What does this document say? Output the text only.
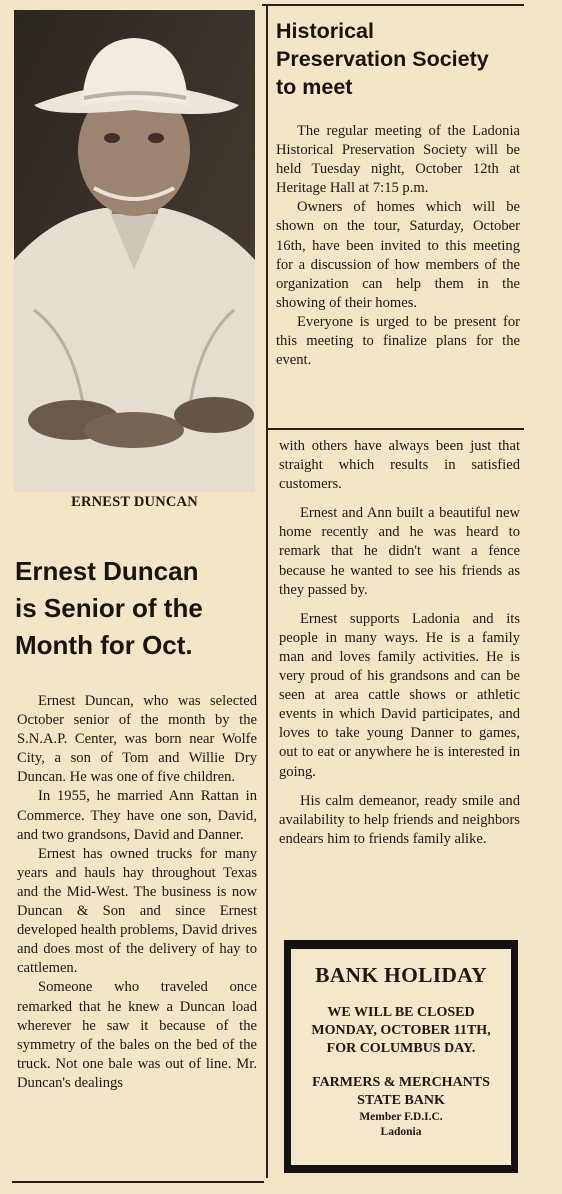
ERNEST DUNCAN
Ernest Duncan
is Senior of the
Month for Oct.

Ernest Duncan, who was selected October senior of the month by the S.N.A.P. Center, was born near Wolfe City, a son of Tom and Willie Dry Duncan. He was one of five children.

In 1955, he married Ann Rattan in Commerce. They have one son, David, and two grandsons, David and Danner.

Ernest has owned trucks for many years and hauls hay throughout Texas and the Mid-West. The business is now Duncan & Son and since Ernest developed health problems, David drives and does most of the delivery of hay to cattlemen.

Someone who traveled once remarked that he knew a Duncan load wherever he saw it because of the symmetry of the bales on the bed of the truck. Not one bale was out of line. Mr. Duncan's dealings

Historical
Preservation Society
to meet

The regular meeting of the Ladonia Historical Preservation Society will be held Tuesday night, October 12th at Heritage Hall at 7:15 p.m.

Owners of homes which will be shown on the tour, Saturday, October 16th, have been invited to this meeting for a discussion of how members of the organization can help them in the showing of their homes.

Everyone is urged to be present for this meeting to finalize plans for the event.

with others have always been just that straight which results in satisfied customers.

Ernest and Ann built a beautiful new home recently and he was heard to remark that he didn't want a fence because he wanted to see his friends as they passed by.

Ernest supports Ladonia and its people in many ways. He is a family man and loves family activities. He is very proud of his grandsons and can be seen at area cattle shows or athletic events in which David participates, and loves to take young Danner to games, out to eat or anywhere he is interested in going.

His calm demeanor, ready smile and availability to help friends and neighbors endears him to friends family alike.

BANK HOLIDAY
WE WILL BE CLOSED
MONDAY, OCTOBER 11TH,
FOR COLUMBUS DAY.
FARMERS & MERCHANTS
STATE BANK
Member F.D.I.C.
Ladonia
